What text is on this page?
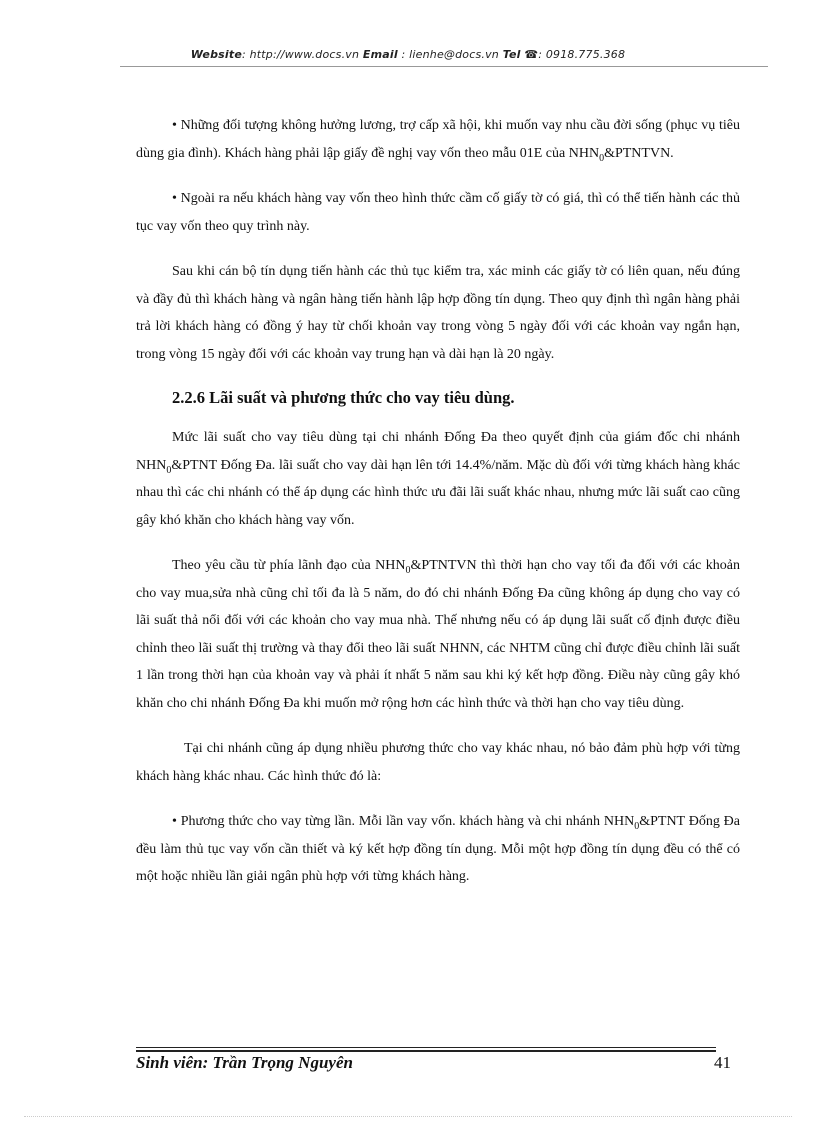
Website: http://www.docs.vn Email : lienhe@docs.vn Tel ☎: 0918.775.368

• Những đối tượng không hưởng lương, trợ cấp xã hội, khi muốn vay nhu cầu đời sống (phục vụ tiêu dùng gia đình). Khách hàng phải lập giấy đề nghị vay vốn theo mẫu 01E của $NHN_0\&PTNTVN$.

• Ngoài ra nếu khách hàng vay vốn theo hình thức cầm cố giấy tờ có giá, thì có thể tiến hành các thủ tục vay vốn theo quy trình này.

Sau khi cán bộ tín dụng tiến hành các thủ tục kiểm tra, xác minh các giấy tờ có liên quan, nếu đúng và đầy đủ thì khách hàng và ngân hàng tiến hành lập hợp đồng tín dụng. Theo quy định thì ngân hàng phải trả lời khách hàng có đồng ý hay từ chối khoản vay trong vòng 5 ngày đối với các khoản vay ngắn hạn, trong vòng 15 ngày đối với các khoản vay trung hạn và dài hạn là 20 ngày.

2.2.6 Lãi suất và phương thức cho vay tiêu dùng.

Mức lãi suất cho vay tiêu dùng tại chi nhánh Đống Đa theo quyết định của giám đốc chi nhánh $NHN_0\&PTNT$ Đống Đa. lãi suất cho vay dài hạn lên tới 14.4%/năm. Mặc dù đối với từng khách hàng khác nhau thì các chi nhánh có thể áp dụng các hình thức ưu đãi lãi suất khác nhau, nhưng mức lãi suất cao cũng gây khó khăn cho khách hàng vay vốn.

Theo yêu cầu từ phía lãnh đạo của $NHN_0\&PTNTVN$ thì thời hạn cho vay tối đa đối với các khoản cho vay mua,sửa nhà cũng chỉ tối đa là 5 năm, do đó chi nhánh Đống Đa cũng không áp dụng cho vay có lãi suất thả nổi đối với các khoản cho vay mua nhà. Thế nhưng nếu có áp dụng lãi suất cố định được điều chỉnh theo lãi suất thị trường và thay đổi theo lãi suất NHNN, các NHTM cũng chỉ được điều chỉnh lãi suất 1 lần trong thời hạn của khoản vay và phải ít nhất 5 năm sau khi ký kết hợp đồng. Điều này cũng gây khó khăn cho chi nhánh Đống Đa khi muốn mở rộng hơn các hình thức và thời hạn cho vay tiêu dùng.

Tại chi nhánh cũng áp dụng nhiều phương thức cho vay khác nhau, nó bảo đảm phù hợp với từng khách hàng khác nhau. Các hình thức đó là:

• Phương thức cho vay từng lần. Mỗi lần vay vốn. khách hàng và chi nhánh $NHN_0\&PTNT$ Đống Đa đều làm thủ tục vay vốn cần thiết và ký kết hợp đồng tín dụng. Mỗi một hợp đồng tín dụng đều có thể có một hoặc nhiều lần giải ngân phù hợp với từng khách hàng.

Sinh viên: Trần Trọng Nguyên	41
